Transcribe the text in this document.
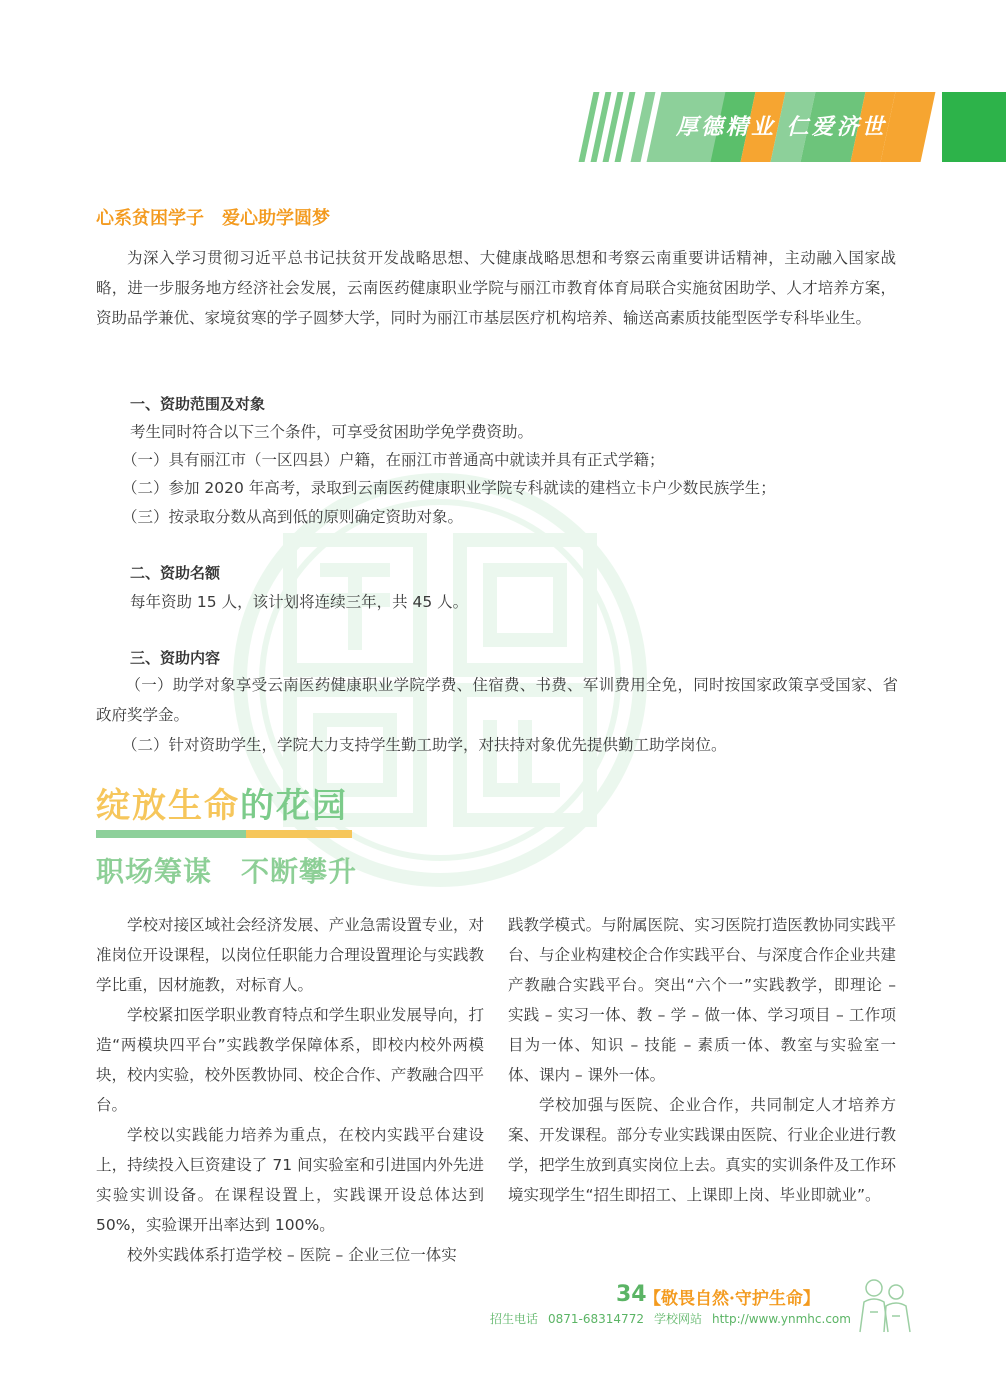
厚德精业 仁爱济世
心系贫困学子　爱心助学圆梦
为深入学习贯彻习近平总书记扶贫开发战略思想、大健康战略思想和考察云南重要讲话精神，主动融入国家战略，进一步服务地方经济社会发展，云南医药健康职业学院与丽江市教育体育局联合实施贫困助学、人才培养方案，资助品学兼优、家境贫寒的学子圆梦大学，同时为丽江市基层医疗机构培养、输送高素质技能型医学专科毕业生。
一、资助范围及对象
考生同时符合以下三个条件，可享受贫困助学免学费资助。
（一）具有丽江市（一区四县）户籍，在丽江市普通高中就读并具有正式学籍；
（二）参加 2020 年高考，录取到云南医药健康职业学院专科就读的建档立卡户少数民族学生；
（三）按录取分数从高到低的原则确定资助对象。
二、资助名额
每年资助 15 人，该计划将连续三年，共 45 人。
三、资助内容
（一）助学对象享受云南医药健康职业学院学费、住宿费、书费、军训费用全免，同时按国家政策享受国家、省政府奖学金。
（二）针对资助学生，学院大力支持学生勤工助学，对扶持对象优先提供勤工助学岗位。
绽放生命的花园
职场筹谋　不断攀升

学校对接区域社会经济发展、产业急需设置专业，对准岗位开设课程，以岗位任职能力合理设置理论与实践教学比重，因材施教，对标育人。

学校紧扣医学职业教育特点和学生职业发展导向，打造“两模块四平台”实践教学保障体系，即校内校外两模块，校内实验，校外医教协同、校企合作、产教融合四平台。

学校以实践能力培养为重点，在校内实践平台建设上，持续投入巨资建设了 71 间实验室和引进国内外先进实验实训设备。在课程设置上，实践课开设总体达到 50%，实验课开出率达到 100%。

校外实践体系打造学校 – 医院 – 企业三位一体实

践教学模式。与附属医院、实习医院打造医教协同实践平台、与企业构建校企合作实践平台、与深度合作企业共建产教融合实践平台。突出“六个一”实践教学，即理论 – 实践 – 实习一体、教 – 学 – 做一体、学习项目 – 工作项目为一体、知识 – 技能 – 素质一体、教室与实验室一体、课内 – 课外一体。

学校加强与医院、企业合作，共同制定人才培养方案、开发课程。部分专业实践课由医院、行业企业进行教学，把学生放到真实岗位上去。真实的实训条件及工作环境实现学生“招生即招工、上课即上岗、毕业即就业”。

34
【敬畏自然·守护生命】
招生电话 0871-68314772 学校网站 http://www.ynmhc.com
